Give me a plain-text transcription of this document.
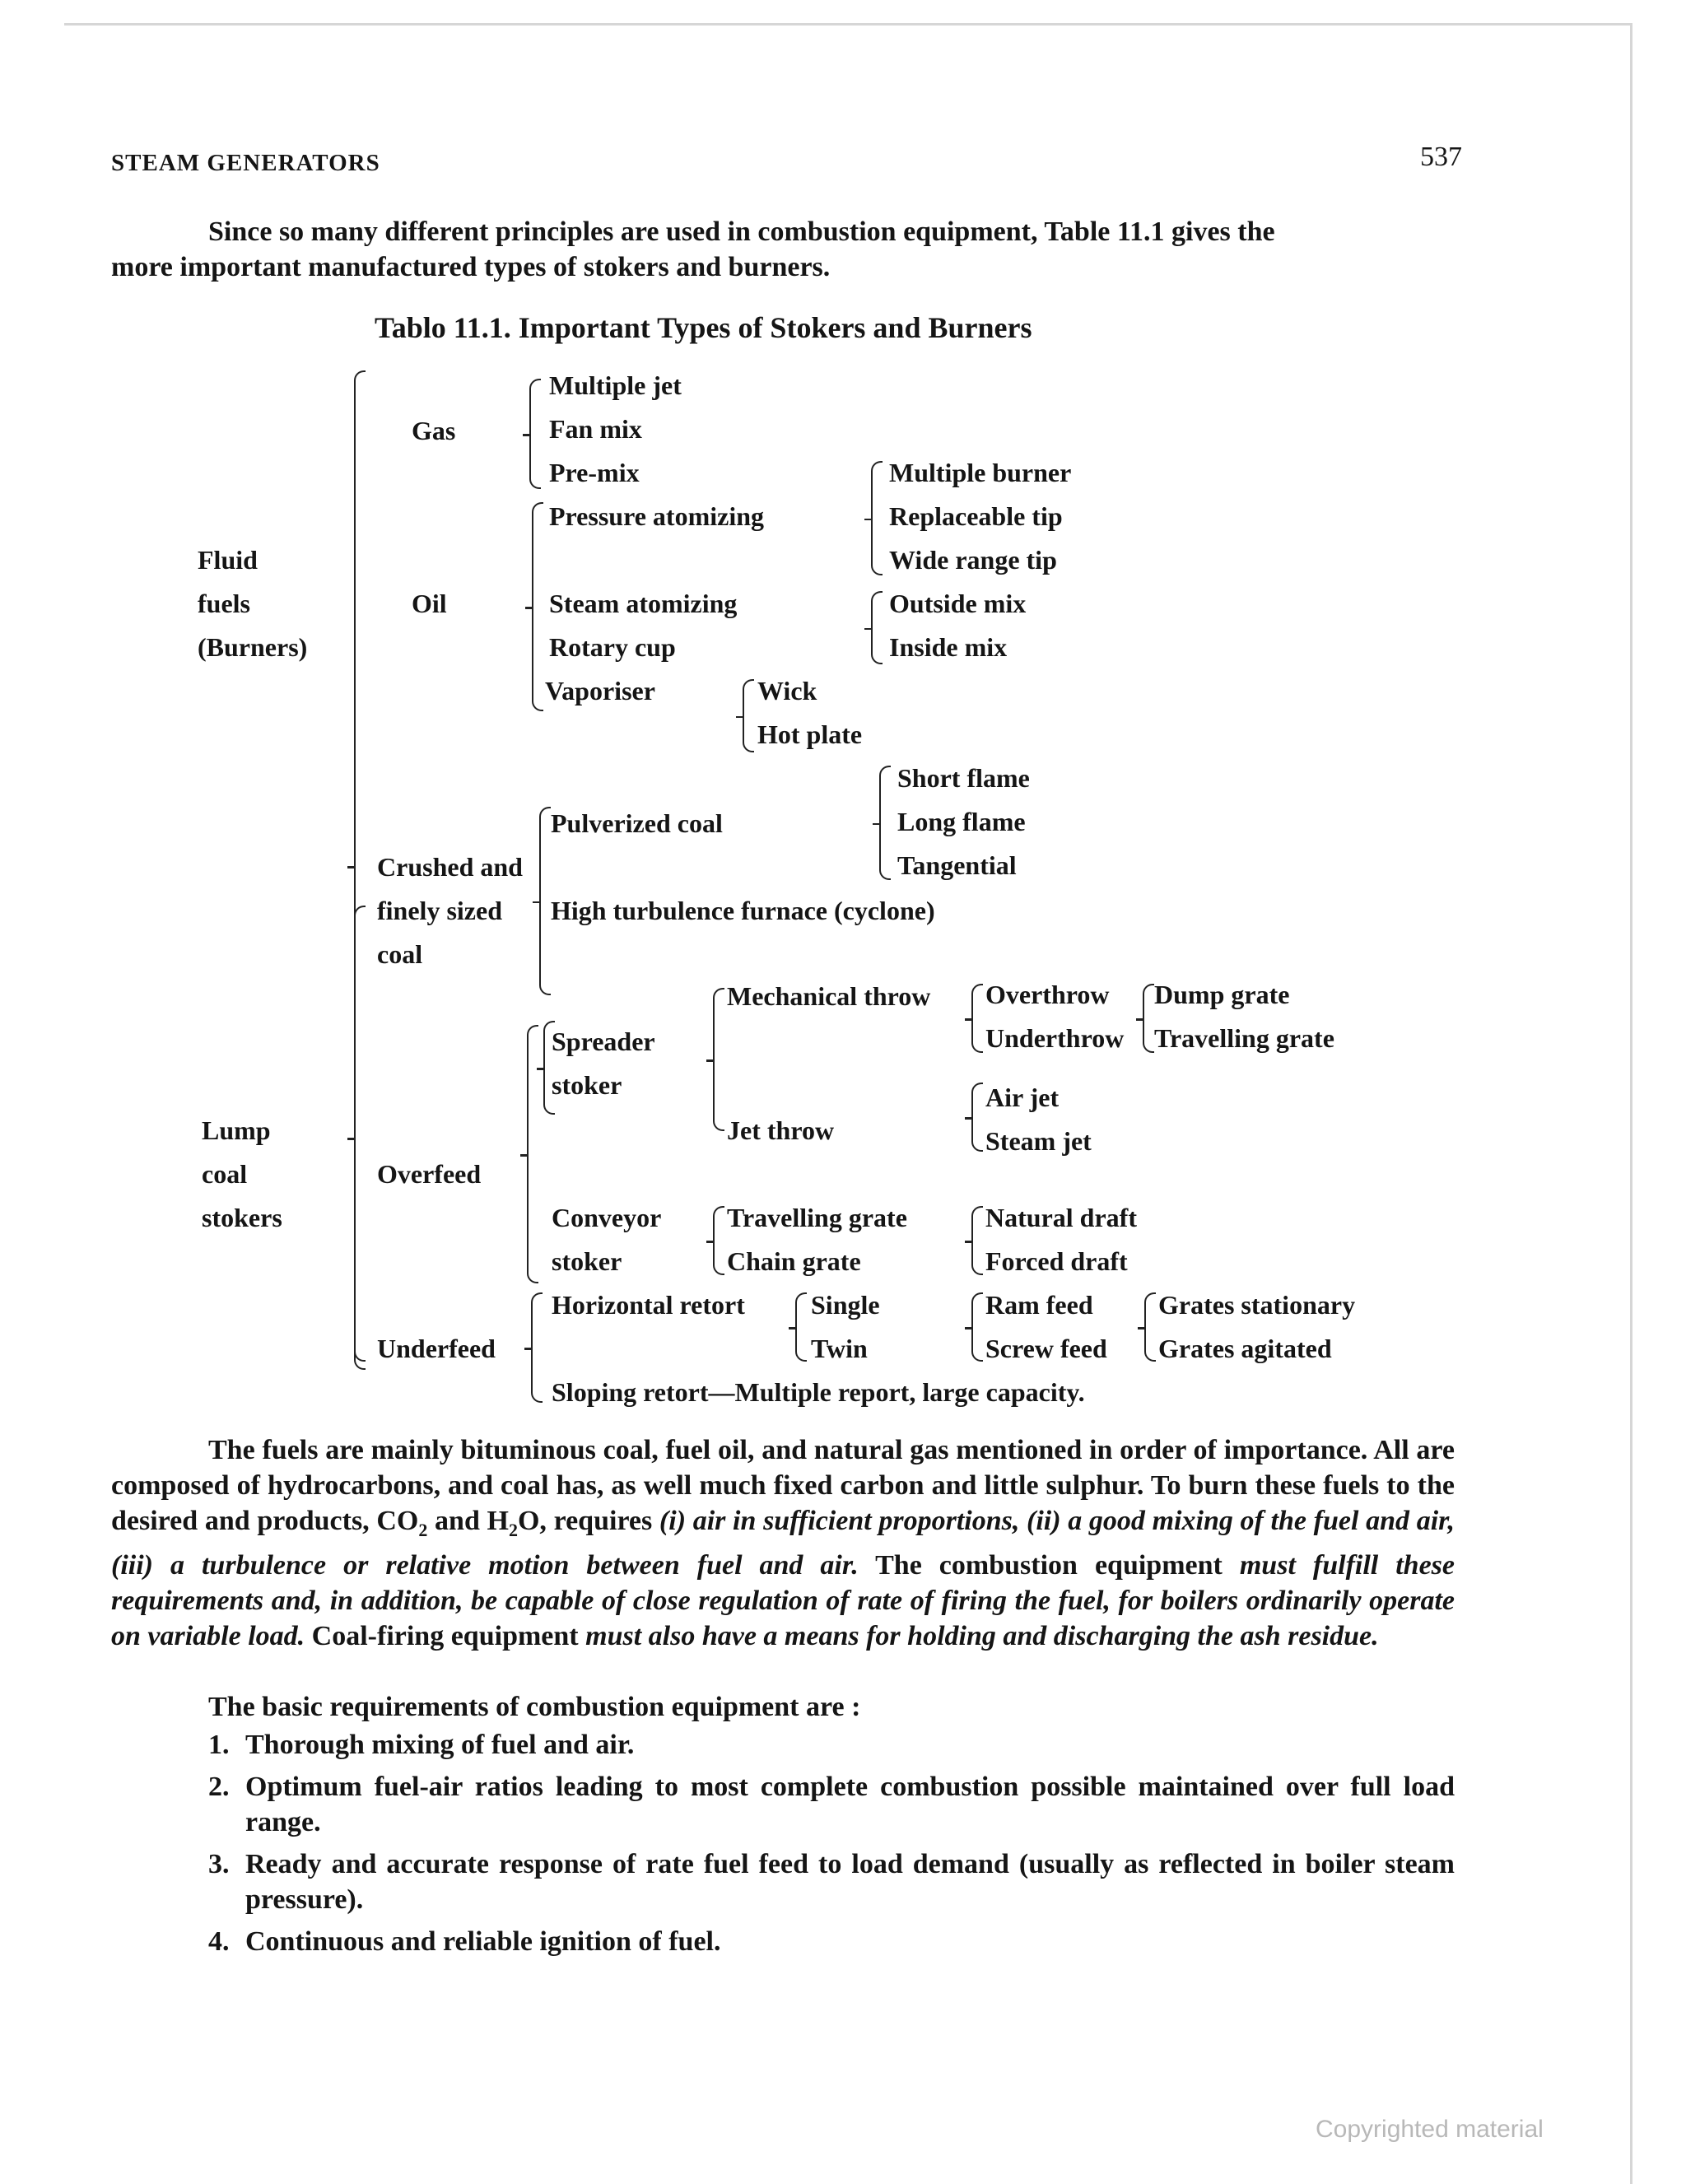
STEAM GENERATORS	537

Since so many different principles are used in combustion equipment, Table 11.1 gives the

more important manufactured types of stokers and burners.

Tablo 11.1. Important Types of Stokers and Burners
Fluid
fuels
(Burners)
Gas
Multiple jet
Fan mix
Pre-mix
Oil
Pressure atomizing
Steam atomizing
Rotary cup
Vaporiser
Multiple burner
Replaceable tip
Wide range tip
Outside mix
Inside mix
Wick
Hot plate
Crushed and
finely sized
coal
Pulverized coal
Short flame
Long flame
Tangential
High turbulence furnace (cyclone)
Lump
coal
stokers
Overfeed
Spreader
stoker
Mechanical throw
Jet throw
Overthrow
Underthrow
Dump grate
Travelling grate
Air jet
Steam jet
Conveyor
stoker
Travelling grate
Chain grate
Natural draft
Forced draft
Underfeed
Horizontal retort	Single
Twin
Ram feed
Screw feed
Grates stationary
Grates agitated
Sloping retort—Multiple report, large capacity.

The fuels are mainly bituminous coal, fuel oil, and natural gas mentioned in order of importance. All are composed of hydrocarbons, and coal has, as well much fixed carbon and little sulphur. To burn these fuels to the desired and products, $CO_2$ and $H_2O$, requires (i) air in sufficient proportions, (ii) a good mixing of the fuel and air, (iii) a turbulence or relative motion between fuel and air. The combustion equipment must fulfill these requirements and, in addition, be capable of close regulation of rate of firing the fuel, for boilers ordinarily operate on variable load. Coal-firing equipment must also have a means for holding and discharging the ash residue.

The basic requirements of combustion equipment are :
1. Thorough mixing of fuel and air.
2. Optimum fuel-air ratios leading to most complete combustion possible maintained over full load range.
3. Ready and accurate response of rate fuel feed to load demand (usually as reflected in boiler steam pressure).
4. Continuous and reliable ignition of fuel.
Copyrighted material
